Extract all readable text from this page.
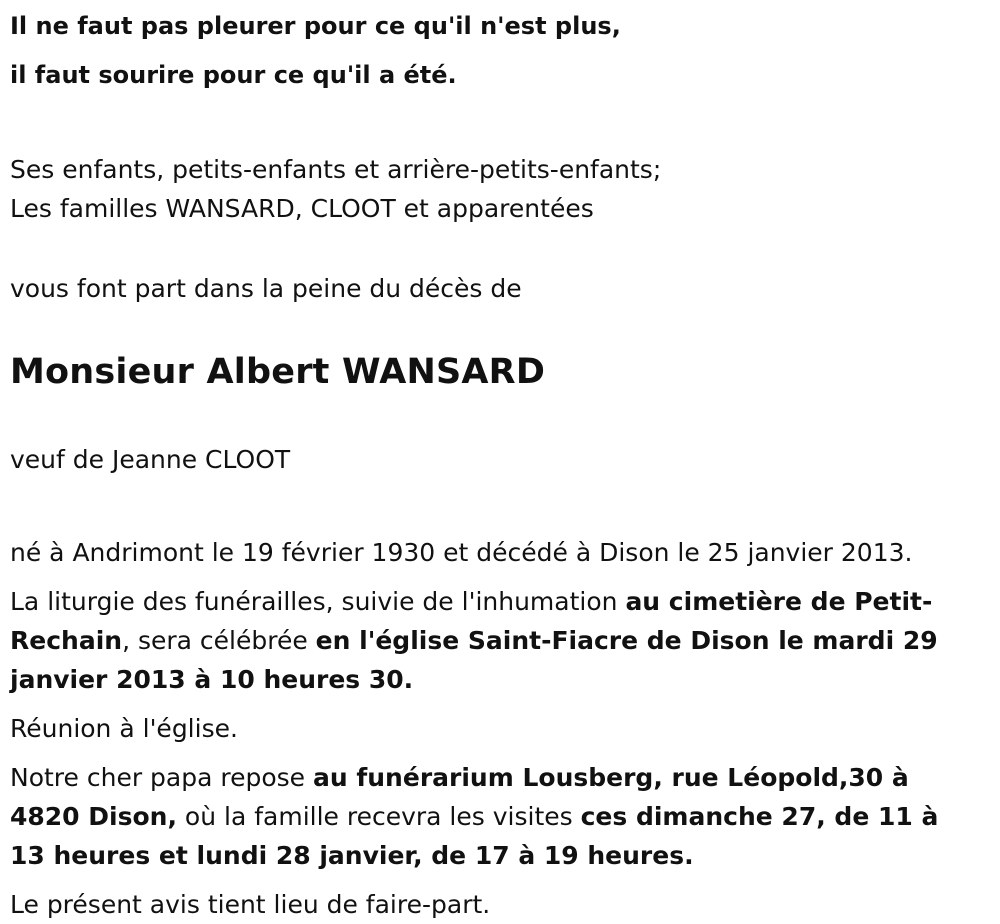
Il ne faut pas pleurer pour ce qu'il n'est plus,

il faut sourire pour ce qu'il a été.

Ses enfants, petits-enfants et arrière-petits-enfants;

Les familles WANSARD, CLOOT et apparentées

vous font part dans la peine du décès de
Monsieur Albert WANSARD
veuf de Jeanne CLOOT

né à Andrimont le 19 février 1930 et décédé à Dison le 25 janvier 2013.

La liturgie des funérailles, suivie de l'inhumation au cimetière de Petit-Rechain, sera célébrée en l'église Saint-Fiacre de Dison le mardi 29 janvier 2013 à 10 heures 30.

Réunion à l'église.

Notre cher papa repose au funérarium Lousberg, rue Léopold,30 à 4820 Dison, où la famille recevra les visites ces dimanche 27, de 11 à 13 heures et lundi 28 janvier, de 17 à 19 heures.

Le présent avis tient lieu de faire-part.
